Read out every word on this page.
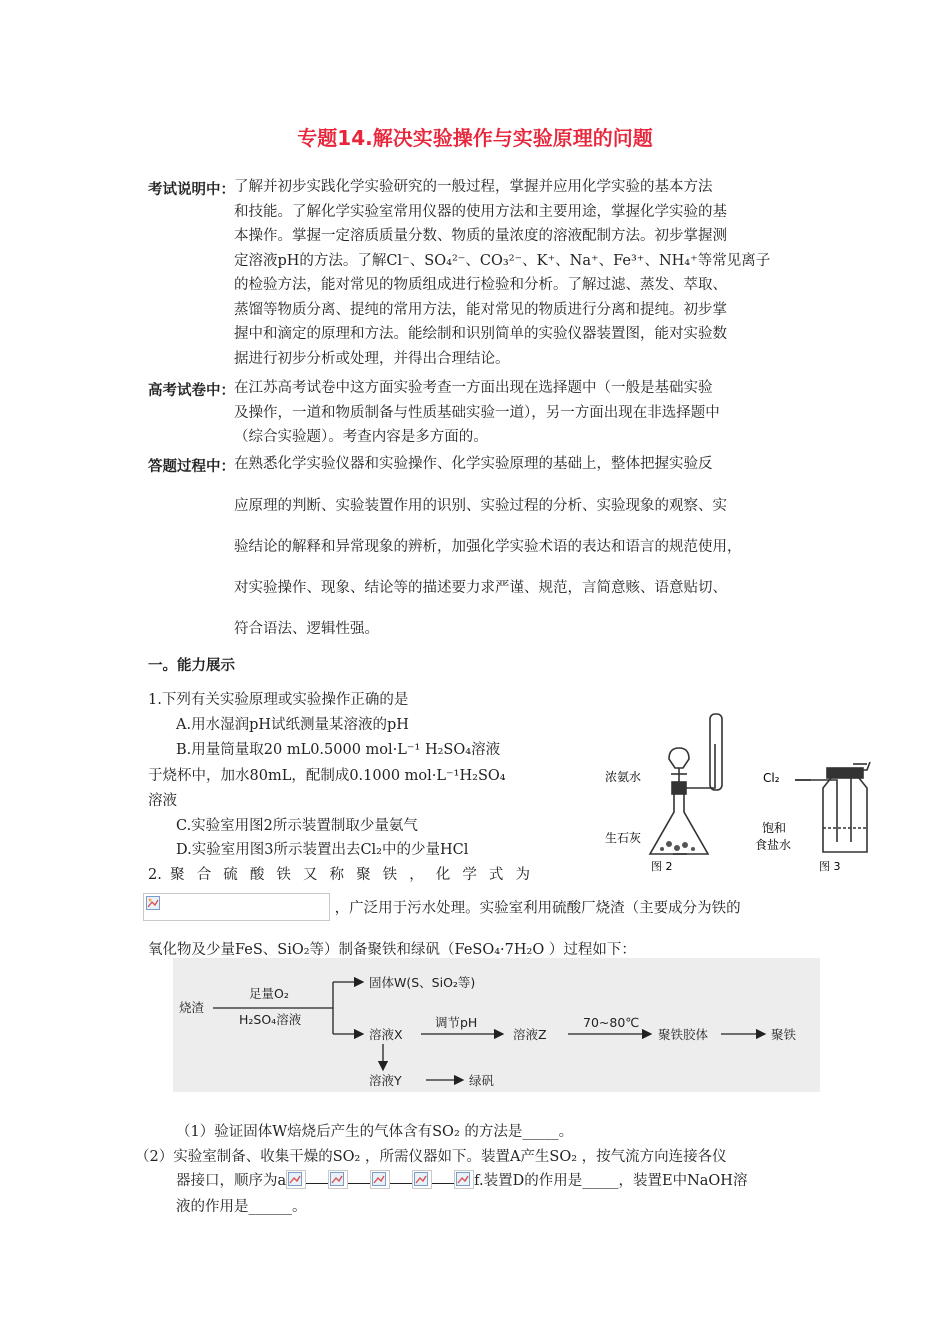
专题14.解决实验操作与实验原理的问题
考试说明中： 了解并初步实践化学实验研究的一般过程，掌握并应用化学实验的基本方法
和技能。了解化学实验室常用仪器的使用方法和主要用途，掌握化学实验的基
本操作。掌握一定溶质质量分数、物质的量浓度的溶液配制方法。初步掌握测
定溶液pH的方法。了解Cl⁻、SO₄²⁻、CO₃²⁻、K⁺、Na⁺、Fe³⁺、NH₄⁺等常见离子
的检验方法，能对常见的物质组成进行检验和分析。了解过滤、蒸发、萃取、
蒸馏等物质分离、提纯的常用方法，能对常见的物质进行分离和提纯。初步掌
握中和滴定的原理和方法。能绘制和识别简单的实验仪器装置图，能对实验数
据进行初步分析或处理，并得出合理结论。
高考试卷中： 在江苏高考试卷中这方面实验考查一方面出现在选择题中（一般是基础实验
及操作，一道和物质制备与性质基础实验一道），另一方面出现在非选择题中
（综合实验题）。考查内容是多方面的。
答题过程中： 在熟悉化学实验仪器和实验操作、化学实验原理的基础上，整体把握实验反
应原理的判断、实验装置作用的识别、实验过程的分析、实验现象的观察、实
验结论的解释和异常现象的辨析，加强化学实验术语的表达和语言的规范使用，
对实验操作、现象、结论等的描述要力求严谨、规范，言简意赅、语意贴切、
符合语法、逻辑性强。
一。能力展示
1.下列有关实验原理或实验操作正确的是
A.用水湿润pH试纸测量某溶液的pH
B.用量筒量取20 mL0.5000 mol·L⁻¹ H₂SO₄溶液
于烧杯中，加水80mL，配制成0.1000 mol·L⁻¹H₂SO₄
溶液
C.实验室用图2所示装置制取少量氨气
D.实验室用图3所示装置出去Cl₂中的少量HCl
浓氨水
生石灰
图 2
Cl₂
饱和
食盐水
图 3
2. 聚 合 硫 酸 铁 又 称 聚 铁 ， 化 学 式 为
，广泛用于污水处理。实验室利用硫酸厂烧渣（主要成分为铁的
氧化物及少量FeS、SiO₂等）制备聚铁和绿矾（FeSO₄·7H₂O ）过程如下：
烧渣
足量O₂
H₂SO₄溶液
固体W(S、SiO₂等)
溶液X
调节pH
溶液Z
70~80℃
聚铁胶体	聚铁
溶液Y	绿矾
（1）验证固体W焙烧后产生的气体含有SO₂ 的方法是_____。
（2）实验室制备、收集干燥的SO₂ ，所需仪器如下。装置A产生SO₂ ，按气流方向连接各仪
器接口，顺序为a	f.装置D的作用是_____，装置E中NaOH溶
液的作用是______。
